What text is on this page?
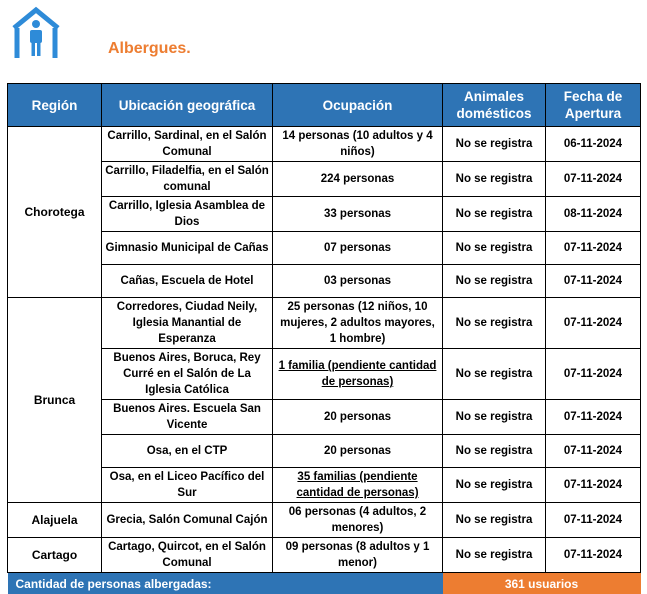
Albergues.
Región	Ubicación geográfica	Ocupación	Animales domésticos	Fecha de Apertura
Chorotega	Carrillo, Sardinal, en el Salón Comunal	14 personas (10 adultos y 4 niños)	No se registra	06-11-2024
	Carrillo, Filadelfia, en el Salón comunal	224 personas	No se registra	07-11-2024
	Carrillo, Iglesia Asamblea de Dios	33 personas	No se registra	08-11-2024
	Gimnasio Municipal de Cañas	07 personas	No se registra	07-11-2024
	Cañas, Escuela de Hotel	03 personas	No se registra	07-11-2024
Brunca	Corredores, Ciudad Neily, Iglesia Manantial de Esperanza	25 personas (12 niños, 10 mujeres, 2 adultos mayores, 1 hombre)	No se registra	07-11-2024
	Buenos Aires, Boruca, Rey Curré en el Salón de La Iglesia Católica	1 familia (pendiente cantidad de personas)	No se registra	07-11-2024
	Buenos Aires. Escuela San Vicente	20 personas	No se registra	07-11-2024
	Osa, en el CTP	20 personas	No se registra	07-11-2024
	Osa, en el Liceo Pacífico del Sur	35 familias (pendiente cantidad de personas)	No se registra	07-11-2024
Alajuela	Grecia, Salón Comunal Cajón	06 personas (4 adultos, 2 menores)	No se registra	07-11-2024
Cartago	Cartago, Quircot, en el Salón Comunal	09 personas (8 adultos y 1 menor)	No se registra	07-11-2024
Cantidad de personas albergadas:			361 usuarios	
